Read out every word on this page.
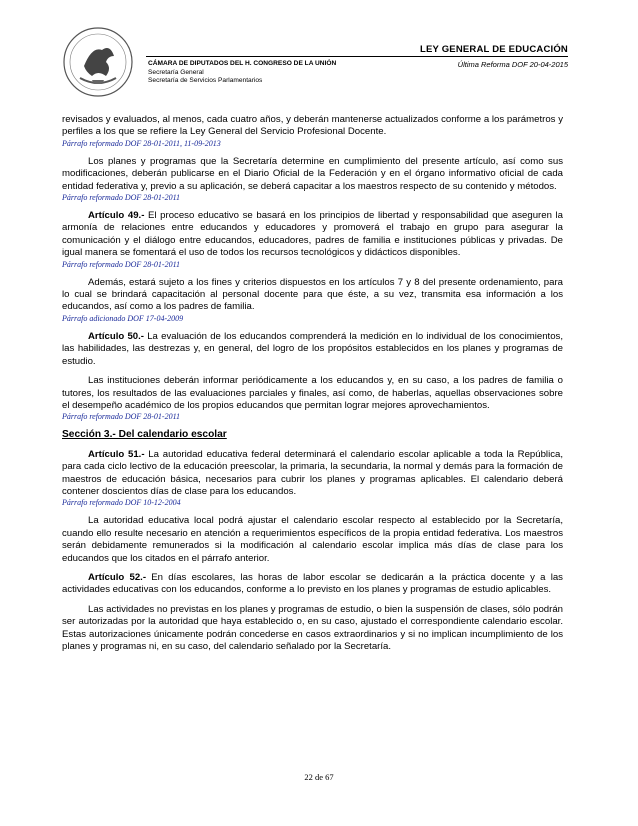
LEY GENERAL DE EDUCACIÓN
CÁMARA DE DIPUTADOS DEL H. CONGRESO DE LA UNIÓN
Secretaría General
Secretaría de Servicios Parlamentarios
Última Reforma DOF 20-04-2015

revisados y evaluados, al menos, cada cuatro años, y deberán mantenerse actualizados conforme a los parámetros y perfiles a los que se refiere la Ley General del Servicio Profesional Docente.

Párrafo reformado DOF 28-01-2011, 11-09-2013

Los planes y programas que la Secretaría determine en cumplimiento del presente artículo, así como sus modificaciones, deberán publicarse en el Diario Oficial de la Federación y en el órgano informativo oficial de cada entidad federativa y, previo a su aplicación, se deberá capacitar a los maestros respecto de su contenido y métodos.

Párrafo reformado DOF 28-01-2011

Artículo 49.- El proceso educativo se basará en los principios de libertad y responsabilidad que aseguren la armonía de relaciones entre educandos y educadores y promoverá el trabajo en grupo para asegurar la comunicación y el diálogo entre educandos, educadores, padres de familia e instituciones públicas y privadas. De igual manera se fomentará el uso de todos los recursos tecnológicos y didácticos disponibles.

Párrafo reformado DOF 28-01-2011

Además, estará sujeto a los fines y criterios dispuestos en los artículos 7 y 8 del presente ordenamiento, para lo cual se brindará capacitación al personal docente para que éste, a su vez, transmita esa información a los educandos, así como a los padres de familia.

Párrafo adicionado DOF 17-04-2009

Artículo 50.- La evaluación de los educandos comprenderá la medición en lo individual de los conocimientos, las habilidades, las destrezas y, en general, del logro de los propósitos establecidos en los planes y programas de estudio.

Las instituciones deberán informar periódicamente a los educandos y, en su caso, a los padres de familia o tutores, los resultados de las evaluaciones parciales y finales, así como, de haberlas, aquellas observaciones sobre el desempeño académico de los propios educandos que permitan lograr mejores aprovechamientos.

Párrafo reformado DOF 28-01-2011

Sección 3.- Del calendario escolar

Artículo 51.- La autoridad educativa federal determinará el calendario escolar aplicable a toda la República, para cada ciclo lectivo de la educación preescolar, la primaria, la secundaria, la normal y demás para la formación de maestros de educación básica, necesarios para cubrir los planes y programas aplicables. El calendario deberá contener doscientos días de clase para los educandos.

Párrafo reformado DOF 10-12-2004

La autoridad educativa local podrá ajustar el calendario escolar respecto al establecido por la Secretaría, cuando ello resulte necesario en atención a requerimientos específicos de la propia entidad federativa. Los maestros serán debidamente remunerados si la modificación al calendario escolar implica más días de clase para los educandos que los citados en el párrafo anterior.

Artículo 52.- En días escolares, las horas de labor escolar se dedicarán a la práctica docente y a las actividades educativas con los educandos, conforme a lo previsto en los planes y programas de estudio aplicables.

Las actividades no previstas en los planes y programas de estudio, o bien la suspensión de clases, sólo podrán ser autorizadas por la autoridad que haya establecido o, en su caso, ajustado el correspondiente calendario escolar. Estas autorizaciones únicamente podrán concederse en casos extraordinarios y si no implican incumplimiento de los planes y programas ni, en su caso, del calendario señalado por la Secretaría.

22 de 67
